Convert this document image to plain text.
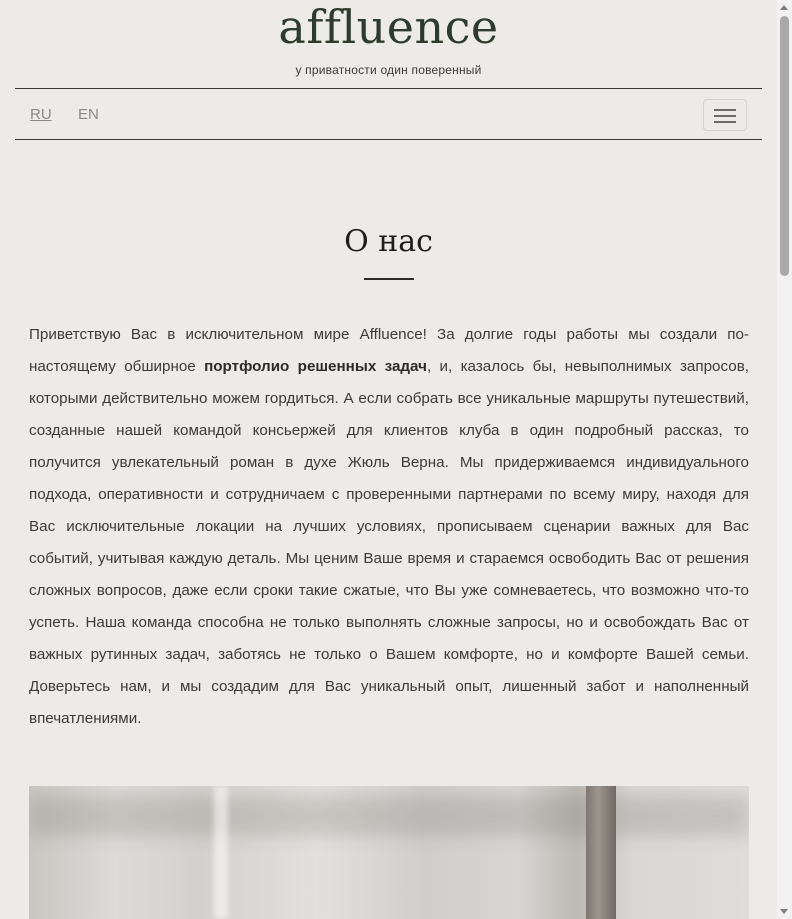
affluence
у приватности один поверенный
RU EN
О нас

Приветствую Вас в исключительном мире Affluence! За долгие годы работы мы создали по-настоящему обширное портфолио решенных задач, и, казалось бы, невыполнимых запросов, которыми действительно можем гордиться. А если собрать все уникальные маршруты путешествий, созданные нашей командой консьержей для клиентов клуба в один подробный рассказ, то получится увлекательный роман в духе Жюль Верна. Мы придерживаемся индивидуального подхода, оперативности и сотрудничаем с проверенными партнерами по всему миру, находя для Вас исключительные локации на лучших условиях, прописываем сценарии важных для Вас событий, учитывая каждую деталь. Мы ценим Ваше время и стараемся освободить Вас от решения сложных вопросов, даже если сроки такие сжатые, что Вы уже сомневаетесь, что возможно что-то успеть. Наша команда способна не только выполнять сложные запросы, но и освобождать Вас от важных рутинных задач, заботясь не только о Вашем комфорте, но и комфорте Вашей семьи. Доверьтесь нам, и мы создадим для Вас уникальный опыт, лишенный забот и наполненный впечатлениями.
